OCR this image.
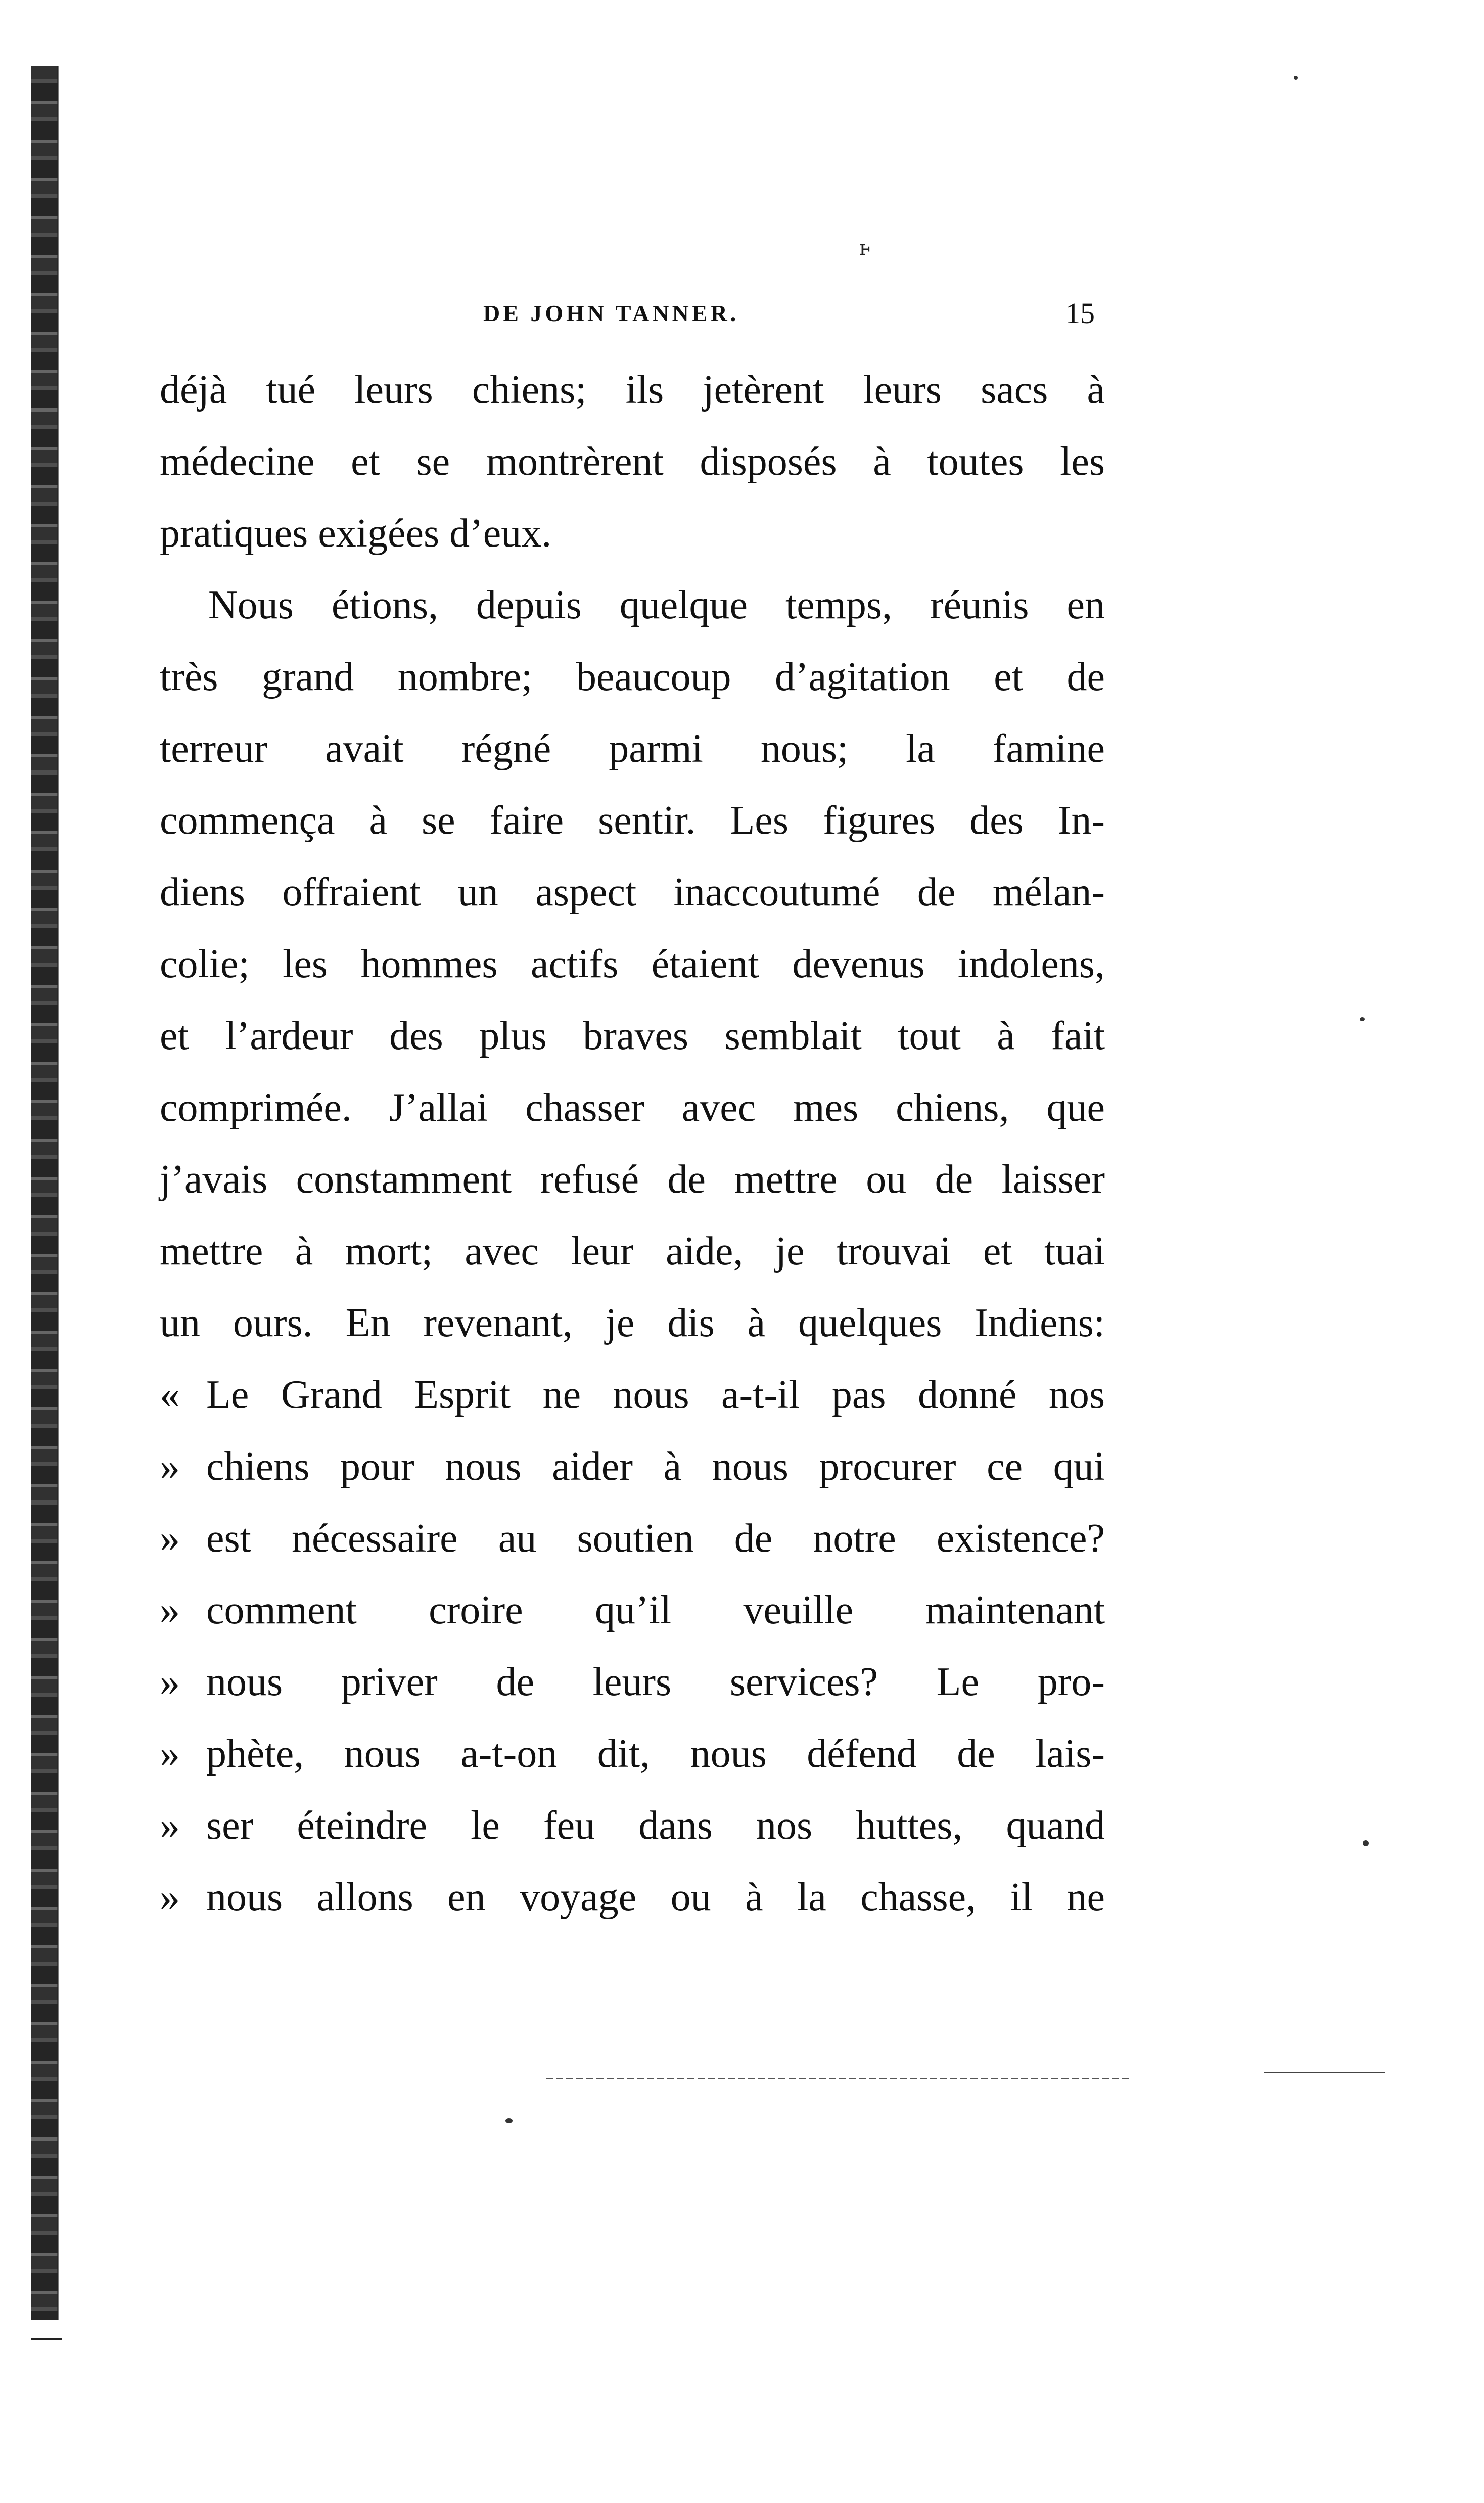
ⱶ
DE JOHN TANNER.	15
déjà tué leurs chiens; ils jetèrent leurs sacs à
médecine et se montrèrent disposés à toutes les
pratiques exigées d’eux.
Nous étions, depuis quelque temps, réunis en
très grand nombre; beaucoup d’agitation et de
terreur avait régné parmi nous; la famine
commença à se faire sentir. Les figures des In-
diens offraient un aspect inaccoutumé de mélan-
colie; les hommes actifs étaient devenus indolens,
et l’ardeur des plus braves semblait tout à fait
comprimée. J’allai chasser avec mes chiens, que
j’avais constamment refusé de mettre ou de laisser
mettre à mort; avec leur aide, je trouvai et tuai
un ours. En revenant, je dis à quelques Indiens:
« Le Grand Esprit ne nous a-t-il pas donné nos
» chiens pour nous aider à nous procurer ce qui
» est nécessaire au soutien de notre existence?
» comment croire qu’il veuille maintenant
» nous priver de leurs services? Le pro-
» phète, nous a-t-on dit, nous défend de lais-
» ser éteindre le feu dans nos huttes, quand
» nous allons en voyage ou à la chasse, il ne
